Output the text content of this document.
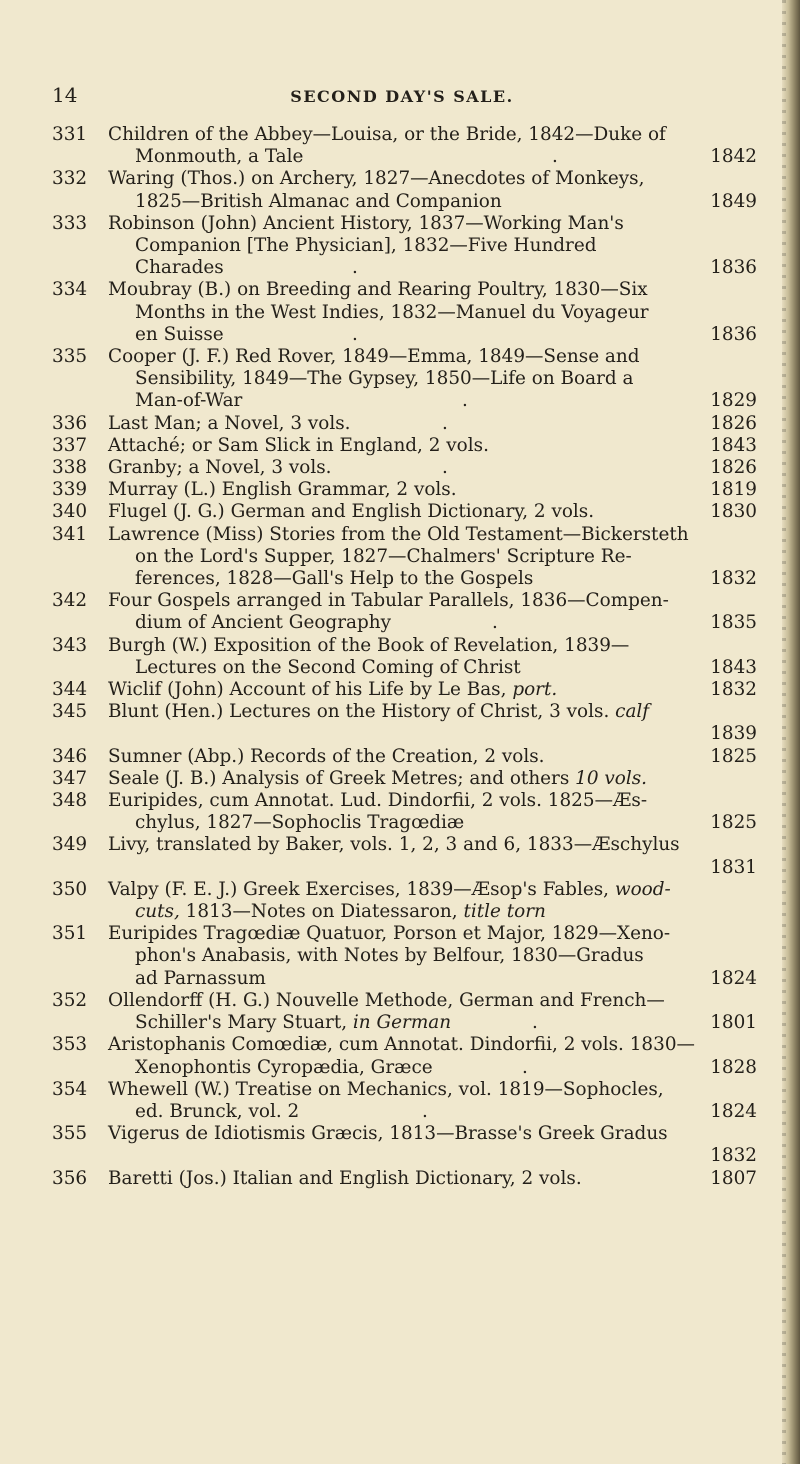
14	SECOND DAY'S SALE.
331 Children of the Abbey—Louisa, or the Bride, 1842—Duke of
Monmouth, a Tale	.	1842
332 Waring (Thos.) on Archery, 1827—Anecdotes of Monkeys,
1825—British Almanac and Companion	1849
333 Robinson (John) Ancient History, 1837—Working Man's
Companion [The Physician], 1832—Five Hundred
Charades	.	1836
334 Moubray (B.) on Breeding and Rearing Poultry, 1830—Six
Months in the West Indies, 1832—Manuel du Voyageur
en Suisse	.	1836
335 Cooper (J. F.) Red Rover, 1849—Emma, 1849—Sense and
Sensibility, 1849—The Gypsey, 1850—Life on Board a
Man-of-War	.	1829
336 Last Man; a Novel, 3 vols.	.	1826
337 Attaché; or Sam Slick in England, 2 vols.	1843
338 Granby; a Novel, 3 vols.	.	1826
339 Murray (L.) English Grammar, 2 vols.	1819
340 Flugel (J. G.) German and English Dictionary, 2 vols.	1830
341 Lawrence (Miss) Stories from the Old Testament—Bickersteth
on the Lord's Supper, 1827—Chalmers' Scripture Re-
ferences, 1828—Gall's Help to the Gospels	1832
342 Four Gospels arranged in Tabular Parallels, 1836—Compen-
dium of Ancient Geography	.	1835
343 Burgh (W.) Exposition of the Book of Revelation, 1839—
Lectures on the Second Coming of Christ	1843
344 Wiclif (John) Account of his Life by Le Bas, port.	1832
345 Blunt (Hen.) Lectures on the History of Christ, 3 vols. calf
1839
346 Sumner (Abp.) Records of the Creation, 2 vols.	1825
347 Seale (J. B.) Analysis of Greek Metres; and others 10 vols.
348 Euripides, cum Annotat. Lud. Dindorfii, 2 vols. 1825—Æs-
chylus, 1827—Sophoclis Tragœdiæ	1825
349 Livy, translated by Baker, vols. 1, 2, 3 and 6, 1833—Æschylus
1831
350 Valpy (F. E. J.) Greek Exercises, 1839—Æsop's Fables, wood-
cuts, 1813—Notes on Diatessaron, title torn
351 Euripides Tragœdiæ Quatuor, Porson et Major, 1829—Xeno-
phon's Anabasis, with Notes by Belfour, 1830—Gradus
ad Parnassum	1824
352 Ollendorff (H. G.) Nouvelle Methode, German and French—
Schiller's Mary Stuart, in German	.	1801
353 Aristophanis Comœdiæ, cum Annotat. Dindorfii, 2 vols. 1830—
Xenophontis Cyropædia, Græce	.	1828
354 Whewell (W.) Treatise on Mechanics, vol. 1819—Sophocles,
ed. Brunck, vol. 2	.	1824
355 Vigerus de Idiotismis Græcis, 1813—Brasse's Greek Gradus
1832
356 Baretti (Jos.) Italian and English Dictionary, 2 vols.	1807
